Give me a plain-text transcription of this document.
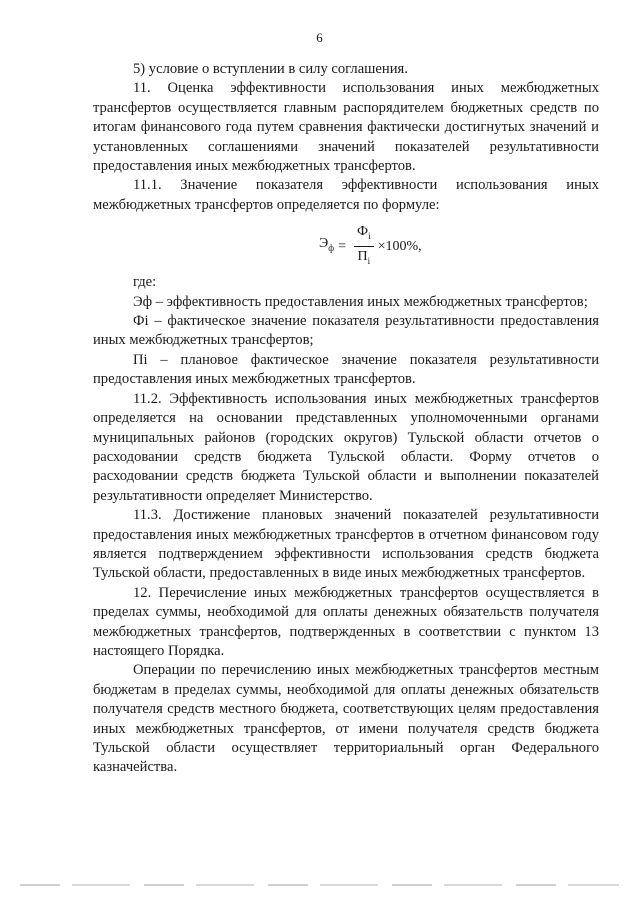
6

5) условие о вступлении в силу соглашения.

11. Оценка эффективности использования иных межбюджетных трансфертов осуществляется главным распорядителем бюджетных средств по итогам финансового года путем сравнения фактически достигнутых значений и установленных соглашениями значений показателей результативности предоставления иных межбюджетных трансфертов.

11.1. Значение показателя эффективности использования иных межбюджетных трансфертов определяется по формуле:

$Э_ф = \frac{Ф_i}{П_i} \times 100\%$,

где:

Эф – эффективность предоставления иных межбюджетных трансфертов;

Фi – фактическое значение показателя результативности предоставления иных межбюджетных трансфертов;

Пi – плановое фактическое значение показателя результативности предоставления иных межбюджетных трансфертов.

11.2. Эффективность использования иных межбюджетных трансфертов определяется на основании представленных уполномоченными органами муниципальных районов (городских округов) Тульской области отчетов о расходовании средств бюджета Тульской области. Форму отчетов о расходовании средств бюджета Тульской области и выполнении показателей результативности определяет Министерство.

11.3. Достижение плановых значений показателей результативности предоставления иных межбюджетных трансфертов в отчетном финансовом году является подтверждением эффективности использования средств бюджета Тульской области, предоставленных в виде иных межбюджетных трансфертов.

12. Перечисление иных межбюджетных трансфертов осуществляется в пределах суммы, необходимой для оплаты денежных обязательств получателя межбюджетных трансфертов, подтвержденных в соответствии с пунктом 13 настоящего Порядка.

Операции по перечислению иных межбюджетных трансфертов местным бюджетам в пределах суммы, необходимой для оплаты денежных обязательств получателя средств местного бюджета, соответствующих целям предоставления иных межбюджетных трансфертов, от имени получателя средств бюджета Тульской области осуществляет территориальный орган Федерального казначейства.
